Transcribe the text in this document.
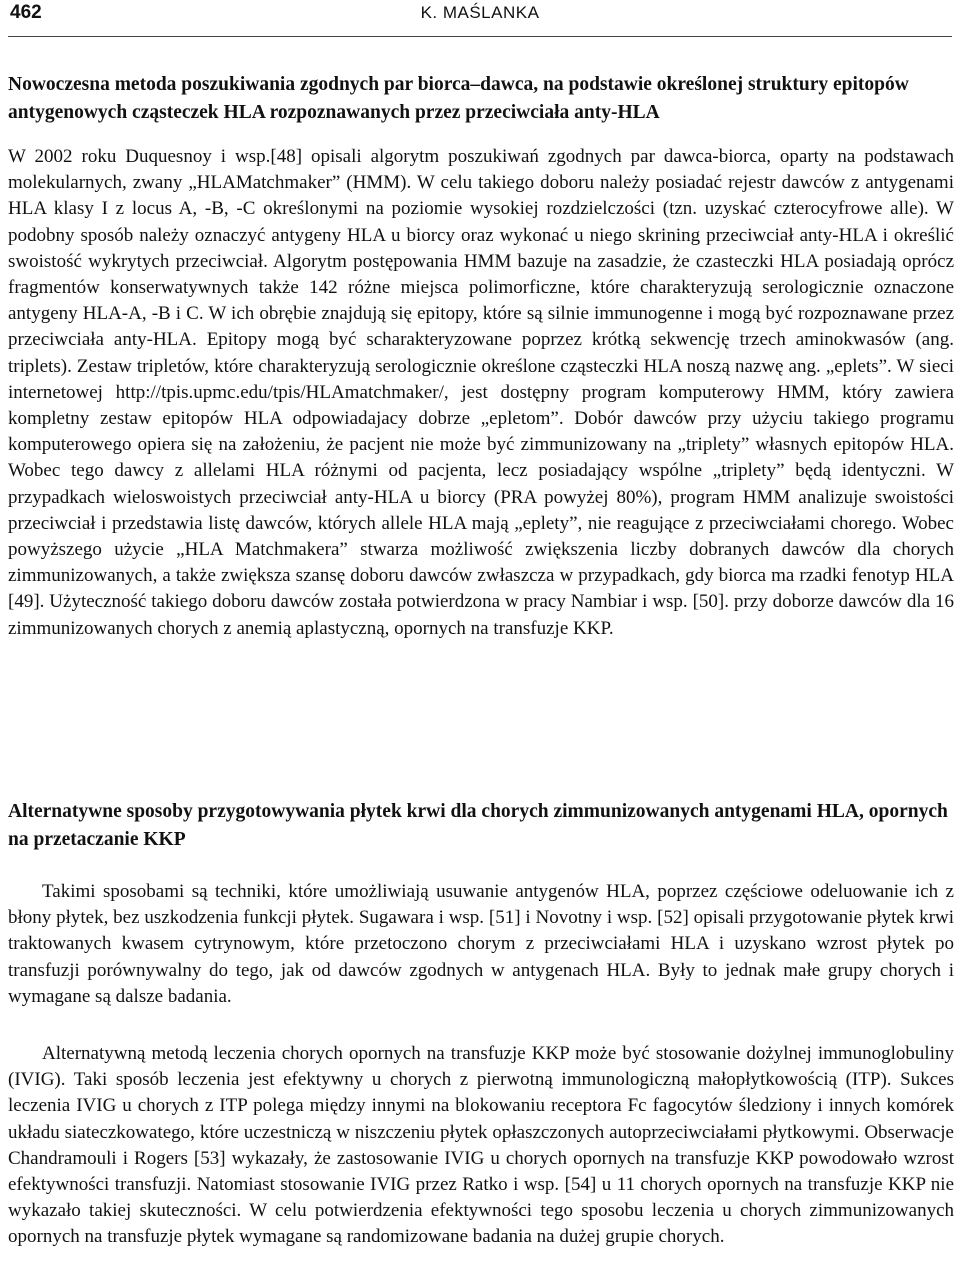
462	K. MAŚLANKA
Nowoczesna metoda poszukiwania zgodnych par biorca–dawca, na podstawie określonej struktury epitopów antygenowych cząsteczek HLA rozpoznawanych przez przeciwciała anty-HLA

W 2002 roku Duquesnoy i wsp.[48] opisali algorytm poszukiwań zgodnych par dawca-biorca, oparty na podstawach molekularnych, zwany „HLAMatchmaker” (HMM). W celu takiego doboru należy posiadać rejestr dawców z antygenami HLA klasy I z locus A, -B, -C określonymi na poziomie wysokiej rozdzielczości (tzn. uzyskać czterocyfrowe alle). W podobny sposób należy oznaczyć antygeny HLA u biorcy oraz wykonać u niego skrining przeciwciał anty-HLA i określić swoistość wykrytych przeciwciał. Algorytm postępowania HMM bazuje na zasadzie, że czasteczki HLA posiadają oprócz fragmentów konserwatywnych także 142 różne miejsca polimorficzne, które charakteryzują serologicznie oznaczone antygeny HLA-A, -B i C. W ich obrębie znajdują się epitopy, które są silnie immunogenne i mogą być rozpoznawane przez przeciwciała anty-HLA. Epitopy mogą być scharakteryzowane poprzez krótką sekwencję trzech aminokwasów (ang. triplets). Zestaw tripletów, które charakteryzują serologicznie określone cząsteczki HLA noszą nazwę ang. „eplets”. W sieci internetowej http://tpis.upmc.edu/tpis/HLAmatchmaker/, jest dostępny program komputerowy HMM, który zawiera kompletny zestaw epitopów HLA odpowiadajacy dobrze „epletom”. Dobór dawców przy użyciu takiego programu komputerowego opiera się na założeniu, że pacjent nie może być zimmunizowany na „triplety” własnych epitopów HLA. Wobec tego dawcy z allelami HLA różnymi od pacjenta, lecz posiadający wspólne „triplety” będą identyczni. W przypadkach wieloswoistych przeciwciał anty-HLA u biorcy (PRA powyżej 80%), program HMM analizuje swoistości przeciwciał i przedstawia listę dawców, których allele HLA mają „eplety”, nie reagujące z przeciwciałami chorego. Wobec powyższego użycie „HLA Matchmakera” stwarza możliwość zwiększenia liczby dobranych dawców dla chorych zimmunizowanych, a także zwiększa szansę doboru dawców zwłaszcza w przypadkach, gdy biorca ma rzadki fenotyp HLA [49]. Użyteczność takiego doboru dawców została potwierdzona w pracy Nambiar i wsp. [50]. przy doborze dawców dla 16 zimmunizowanych chorych z anemią aplastyczną, opornych na transfuzje KKP.

Alternatywne sposoby przygotowywania płytek krwi dla chorych zimmunizowanych antygenami HLA, opornych na przetaczanie KKP

Takimi sposobami są techniki, które umożliwiają usuwanie antygenów HLA, poprzez częściowe odeluowanie ich z błony płytek, bez uszkodzenia funkcji płytek. Sugawara i wsp. [51] i Novotny i wsp. [52] opisali przygotowanie płytek krwi traktowanych kwasem cytrynowym, które przetoczono chorym z przeciwciałami HLA i uzyskano wzrost płytek po transfuzji porównywalny do tego, jak od dawców zgodnych w antygenach HLA. Były to jednak małe grupy chorych i wymagane są dalsze badania.

Alternatywną metodą leczenia chorych opornych na transfuzje KKP może być stosowanie dożylnej immunoglobuliny (IVIG). Taki sposób leczenia jest efektywny u chorych z pierwotną immunologiczną małopłytkowością (ITP). Sukces leczenia IVIG u chorych z ITP polega między innymi na blokowaniu receptora Fc fagocytów śledziony i innych komórek układu siateczkowatego, które uczestniczą w niszczeniu płytek opłaszczonych autoprzeciwciałami płytkowymi. Obserwacje Chandramouli i Rogers [53] wykazały, że zastosowanie IVIG u chorych opornych na transfuzje KKP powodowało wzrost efektywności transfuzji. Natomiast stosowanie IVIG przez Ratko i wsp. [54] u 11 chorych opornych na transfuzje KKP nie wykazało takiej skuteczności. W celu potwierdzenia efektywności tego sposobu leczenia u chorych zimmunizowanych opornych na transfuzje płytek wymagane są randomizowane badania na dużej grupie chorych.
